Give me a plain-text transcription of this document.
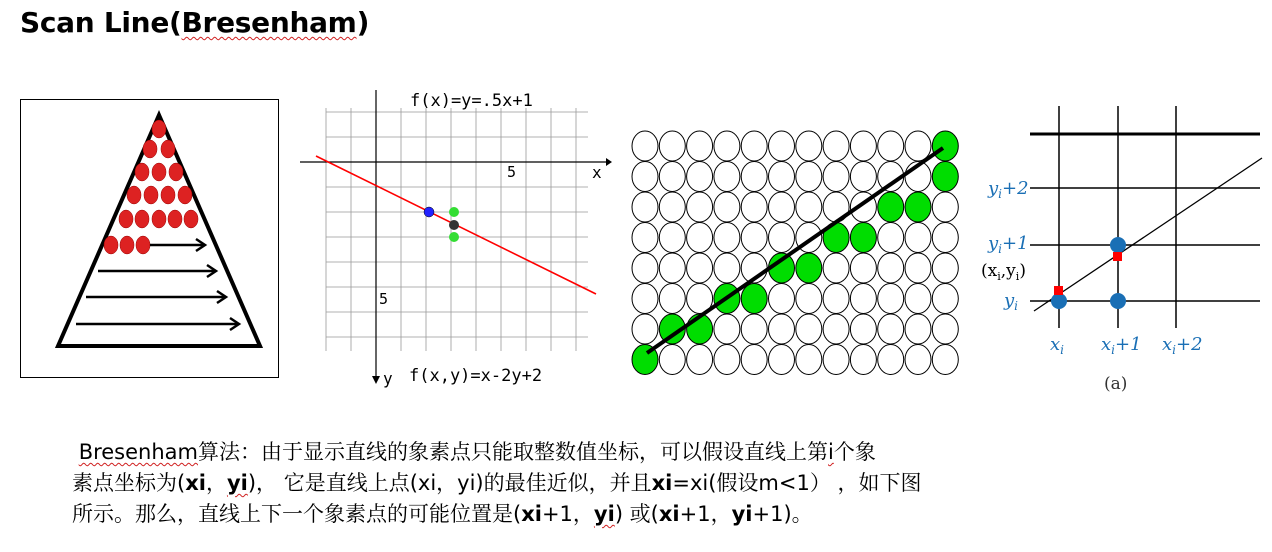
Scan Line(Bresenham)
f(x)=y=.5x+1
f(x,y)=x-2y+2
x
y
5
5
$y_i+2$
$y_i+1$
$y_i$
$(x_i,y_i)$
$x_i$ $x_i+1$ $x_i+2$
(a)
Bresenham算法：由于显示直线的象素点只能取整数值坐标，可以假设直线上第i个象
素点坐标为(xi，yi)， 它是直线上点(xi，yi)的最佳近似，并且xi=xi(假设m<1） ，如下图
所示。那么，直线上下一个象素点的可能位置是(xi+1，yi) 或(xi+1，yi+1)。
